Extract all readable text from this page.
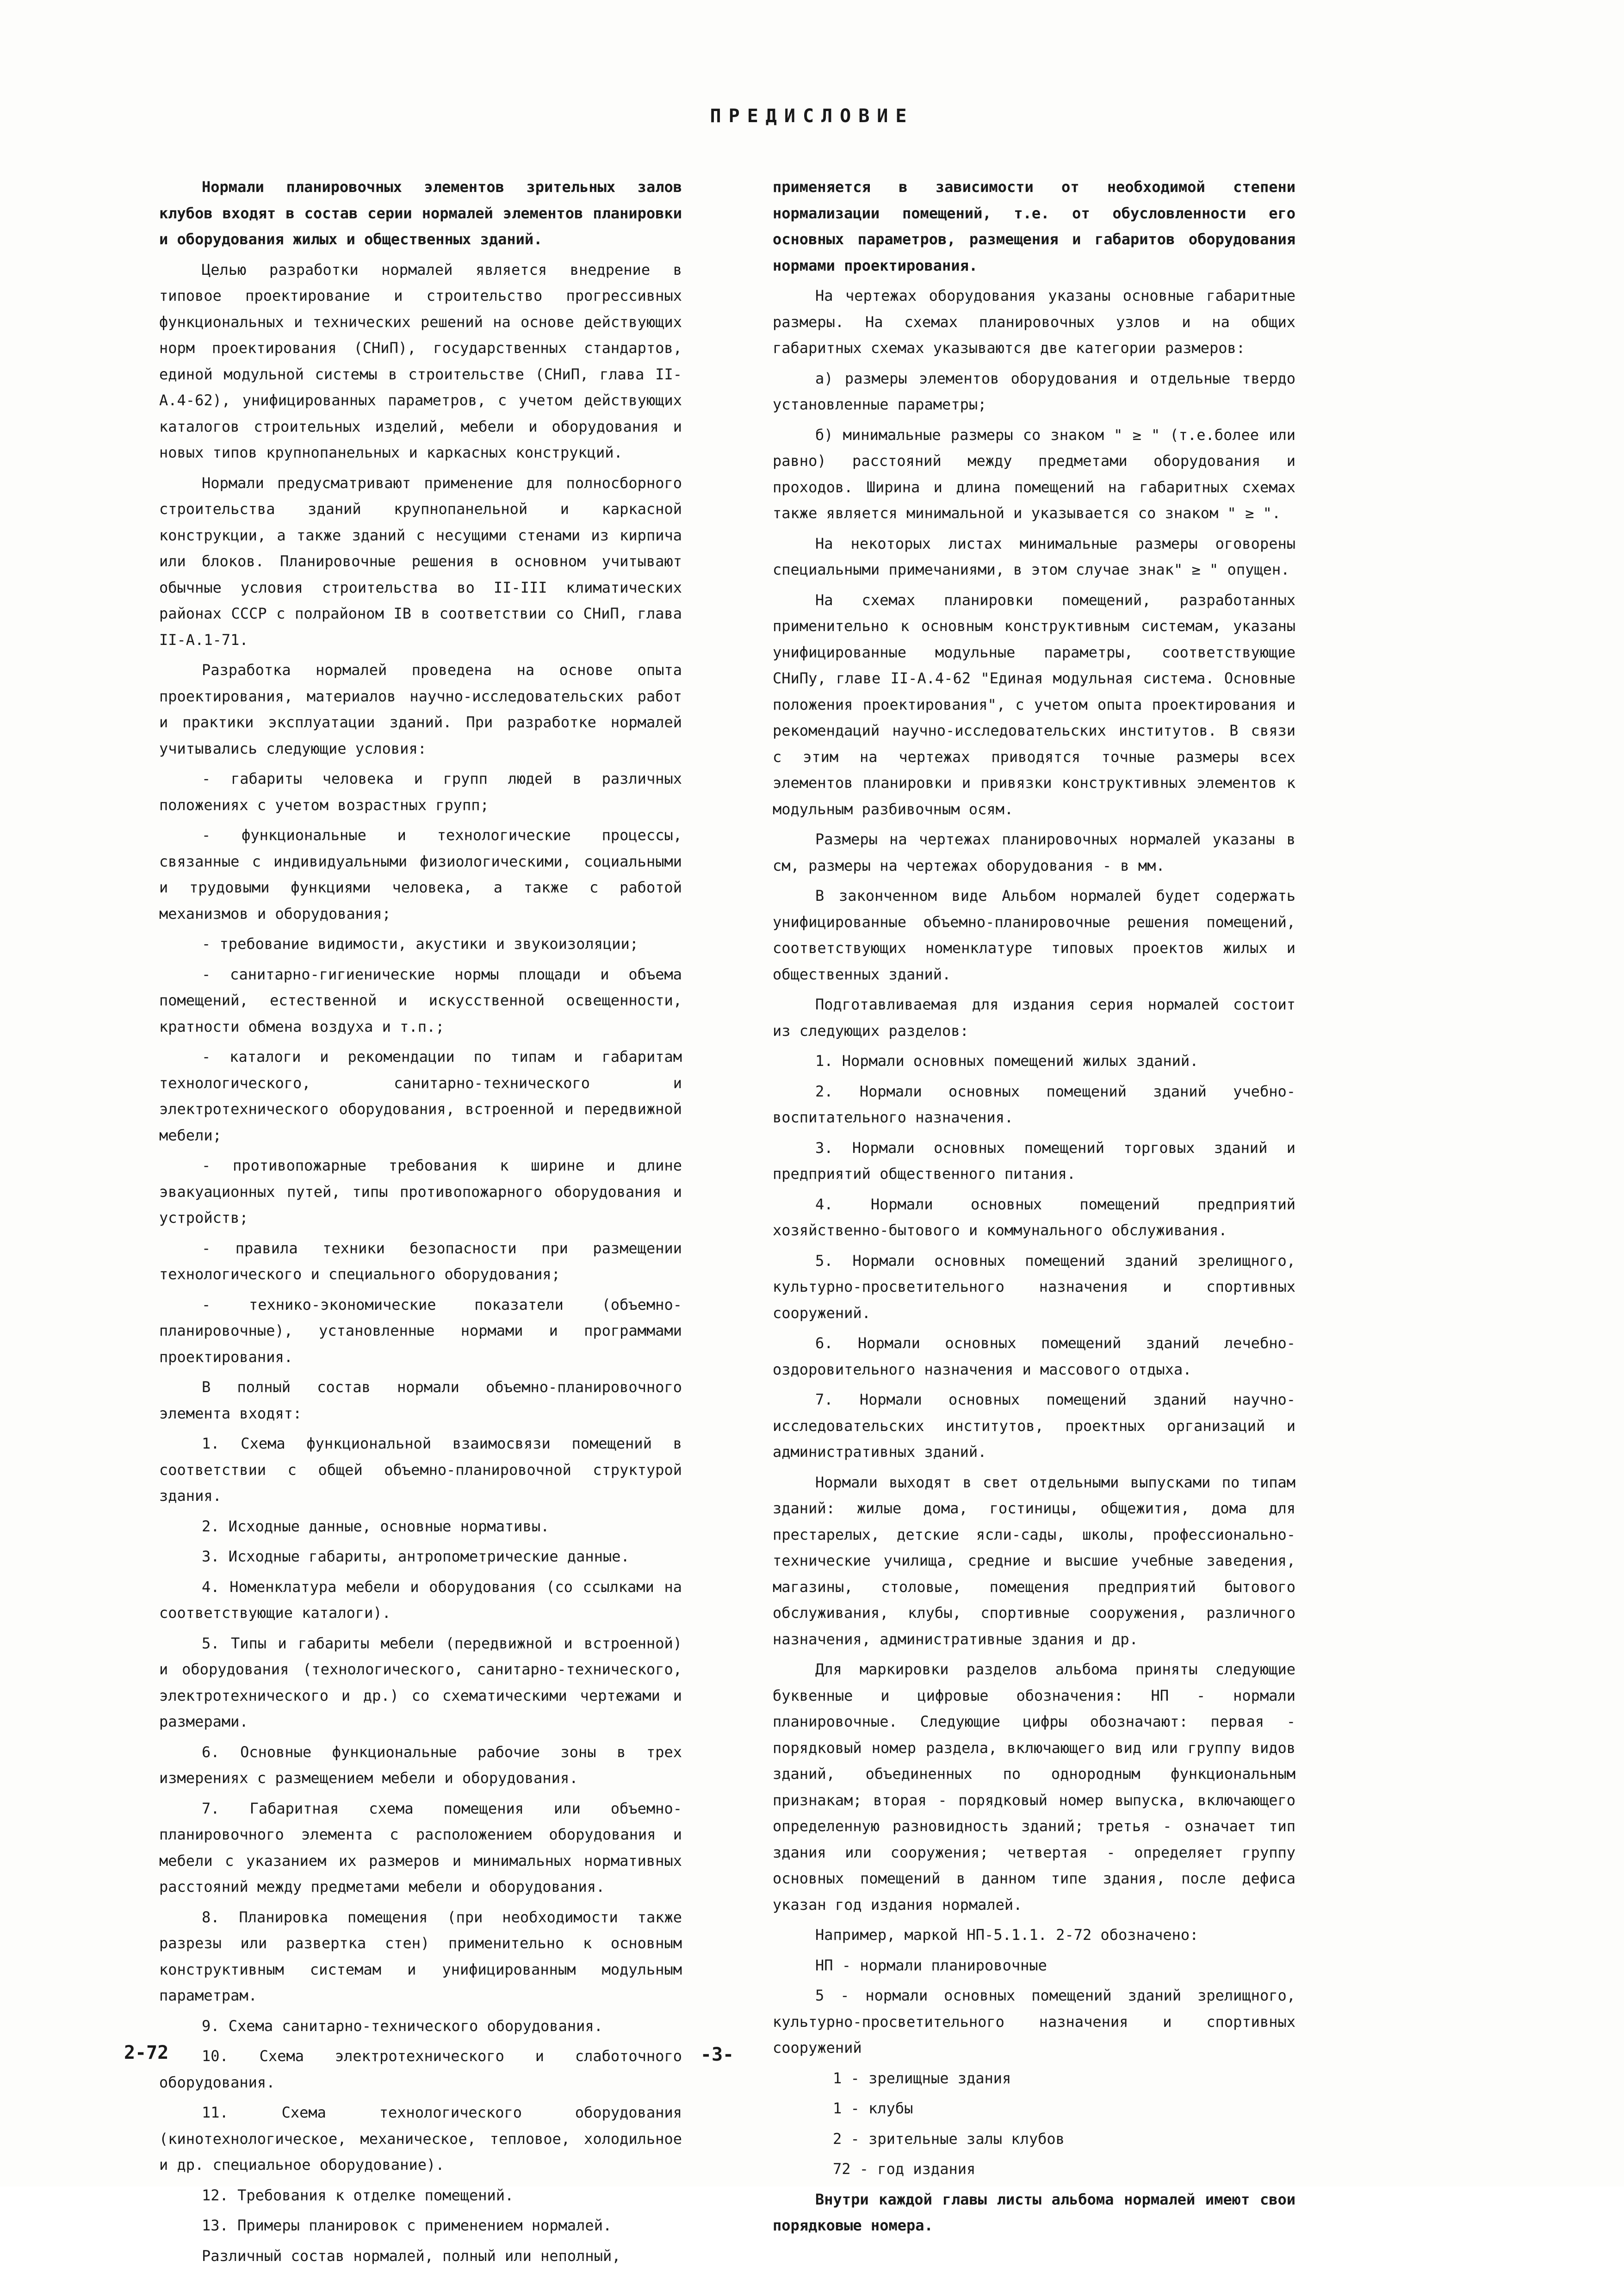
ПРЕДИСЛОВИЕ

Нормали планировочных элементов зрительных залов клубов входят в состав серии нормалей элементов планировки и оборудования жилых и общественных зданий.

Целью разработки нормалей является внедрение в типовое проектирование и строительство прогрессивных функциональных и технических решений на основе действующих норм проектирования (СНиП), государственных стандартов, единой модульной системы в строительстве (СНиП, глава II-А.4-62), унифицированных параметров, с учетом действующих каталогов строительных изделий, мебели и оборудования и новых типов крупнопанельных и каркасных конструкций.

Нормали предусматривают применение для полносборного строительства зданий крупнопанельной и каркасной конструкции, а также зданий с несущими стенами из кирпича или блоков. Планировочные решения в основном учитывают обычные условия строительства во II-III климатических районах СССР с полрайоном IB в соответствии со СНиП, глава II-А.1-71.

Разработка нормалей проведена на основе опыта проектирования, материалов научно-исследовательских работ и практики эксплуатации зданий. При разработке нормалей учитывались следующие условия:

- габариты человека и групп людей в различных положениях с учетом возрастных групп;

- функциональные и технологические процессы, связанные с индивидуальными физиологическими, социальными и трудовыми функциями человека, а также с работой механизмов и оборудования;

- требование видимости, акустики и звукоизоляции;

- санитарно-гигиенические нормы площади и объема помещений, естественной и искусственной освещенности, кратности обмена воздуха и т.п.;

- каталоги и рекомендации по типам и габаритам технологического, санитарно-технического и электротехнического оборудования, встроенной и передвижной мебели;

- противопожарные требования к ширине и длине эвакуационных путей, типы противопожарного оборудования и устройств;

- правила техники безопасности при размещении технологического и специального оборудования;

- технико-экономические показатели (объемно-планировочные), установленные нормами и программами проектирования.

В полный состав нормали объемно-планировочного элемента входят:

1. Схема функциональной взаимосвязи помещений в соответствии с общей объемно-планировочной структурой здания.

2. Исходные данные, основные нормативы.

3. Исходные габариты, антропометрические данные.

4. Номенклатура мебели и оборудования (со ссылками на соответствующие каталоги).

5. Типы и габариты мебели (передвижной и встроенной) и оборудования (технологического, санитарно-технического, электротехнического и др.) со схематическими чертежами и размерами.

6. Основные функциональные рабочие зоны в трех измерениях с размещением мебели и оборудования.

7. Габаритная схема помещения или объемно-планировочного элемента с расположением оборудования и мебели с указанием их размеров и минимальных нормативных расстояний между предметами мебели и оборудования.

8. Планировка помещения (при необходимости также разрезы или развертка стен) применительно к основным конструктивным системам и унифицированным модульным параметрам.

9. Схема санитарно-технического оборудования.

10. Схема электротехнического и слаботочного оборудования.

11. Схема технологического оборудования (кинотехнологическое, механическое, тепловое, холодильное и др. специальное оборудование).

12. Требования к отделке помещений.

13. Примеры планировок с применением нормалей.

Различный состав нормалей, полный или неполный,

применяется в зависимости от необходимой степени нормализации помещений, т.е. от обусловленности его основных параметров, размещения и габаритов оборудования нормами проектирования.

На чертежах оборудования указаны основные габаритные размеры. На схемах планировочных узлов и на общих габаритных схемах указываются две категории размеров:

а) размеры элементов оборудования и отдельные твердо установленные параметры;

б) минимальные размеры со знаком " ≥ " (т.е.более или равно) расстояний между предметами оборудования и проходов. Ширина и длина помещений на габаритных схемах также является минимальной и указывается со знаком " ≥ ".

На некоторых листах минимальные размеры оговорены специальными примечаниями, в этом случае знак" ≥ " опущен.

На схемах планировки помещений, разработанных применительно к основным конструктивным системам, указаны унифицированные модульные параметры, соответствующие СНиПу, главе II-А.4-62 "Единая модульная система. Основные положения проектирования", с учетом опыта проектирования и рекомендаций научно-исследовательских институтов. В связи с этим на чертежах приводятся точные размеры всех элементов планировки и привязки конструктивных элементов к модульным разбивочным осям.

Размеры на чертежах планировочных нормалей указаны в см, размеры на чертежах оборудования - в мм.

В законченном виде Альбом нормалей будет содержать унифицированные объемно-планировочные решения помещений, соответствующих номенклатуре типовых проектов жилых и общественных зданий.

Подготавливаемая для издания серия нормалей состоит из следующих разделов:

1. Нормали основных помещений жилых зданий.

2. Нормали основных помещений зданий учебно-воспитательного назначения.

3. Нормали основных помещений торговых зданий и предприятий общественного питания.

4. Нормали основных помещений предприятий хозяйственно-бытового и коммунального обслуживания.

5. Нормали основных помещений зданий зрелищного, культурно-просветительного назначения и спортивных сооружений.

6. Нормали основных помещений зданий лечебно-оздоровительного назначения и массового отдыха.

7. Нормали основных помещений зданий научно-исследовательских институтов, проектных организаций и административных зданий.

Нормали выходят в свет отдельными выпусками по типам зданий: жилые дома, гостиницы, общежития, дома для престарелых, детские ясли-сады, школы, профессионально-технические училища, средние и высшие учебные заведения, магазины, столовые, помещения предприятий бытового обслуживания, клубы, спортивные сооружения, различного назначения, административные здания и др.

Для маркировки разделов альбома приняты следующие буквенные и цифровые обозначения: НП - нормали планировочные. Следующие цифры обозначают: первая - порядковый номер раздела, включающего вид или группу видов зданий, объединенных по однородным функциональным признакам; вторая - порядковый номер выпуска, включающего определенную разновидность зданий; третья - означает тип здания или сооружения; четвертая - определяет группу основных помещений в данном типе здания, после дефиса указан год издания нормалей.

Например, маркой НП-5.1.1. 2-72 обозначено:

НП - нормали планировочные

5 - нормали основных помещений зданий зрелищного, культурно-просветительного назначения и спортивных сооружений

1 - зрелищные здания

1 - клубы

2 - зрительные залы клубов

72 - год издания

Внутри каждой главы листы альбома нормалей имеют свои порядковые номера.

2-72	-3-
